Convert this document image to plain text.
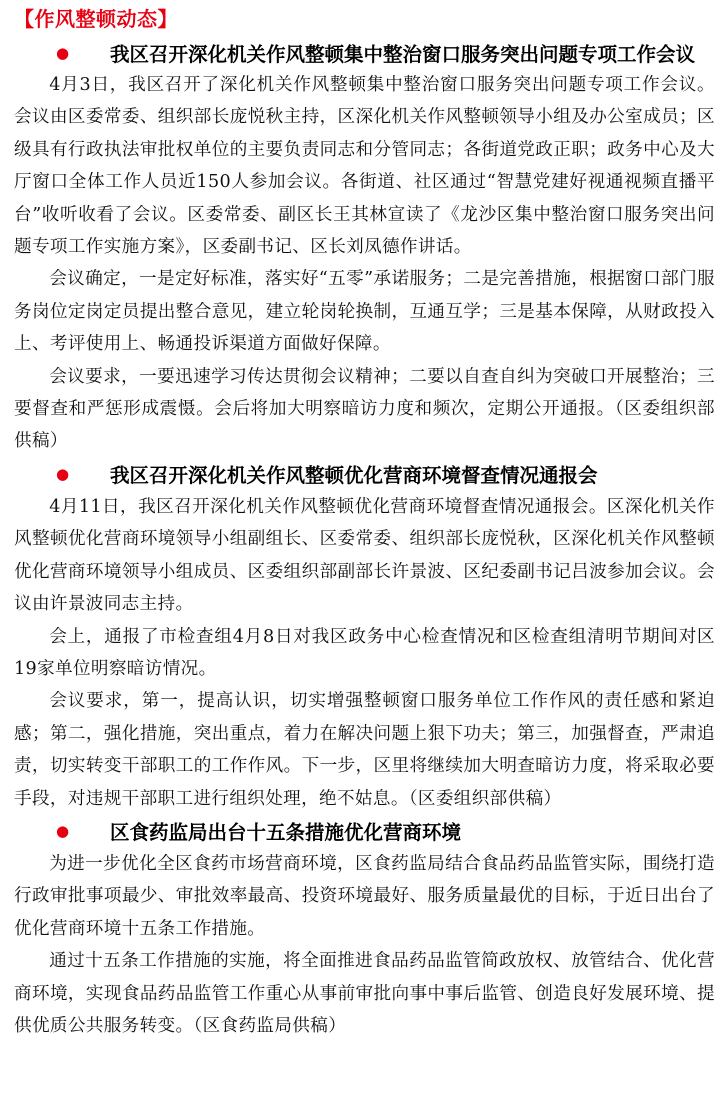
【作风整顿动态】
●	我区召开深化机关作风整顿集中整治窗口服务突出问题专项工作会议

4月3日，我区召开了深化机关作风整顿集中整治窗口服务突出问题专项工作会议。会议由区委常委、组织部长庞悦秋主持，区深化机关作风整顿领导小组及办公室成员；区级具有行政执法审批权单位的主要负责同志和分管同志；各街道党政正职；政务中心及大厅窗口全体工作人员近150人参加会议。各街道、社区通过“智慧党建好视通视频直播平台”收听收看了会议。区委常委、副区长王其林宣读了《龙沙区集中整治窗口服务突出问题专项工作实施方案》，区委副书记、区长刘凤德作讲话。

会议确定，一是定好标准，落实好“五零”承诺服务；二是完善措施，根据窗口部门服务岗位定岗定员提出整合意见，建立轮岗轮换制，互通互学；三是基本保障，从财政投入上、考评使用上、畅通投诉渠道方面做好保障。

会议要求，一要迅速学习传达贯彻会议精神；二要以自查自纠为突破口开展整治；三要督查和严惩形成震慑。会后将加大明察暗访力度和频次，定期公开通报。（区委组织部供稿）

●	我区召开深化机关作风整顿优化营商环境督查情况通报会

4月11日，我区召开深化机关作风整顿优化营商环境督查情况通报会。区深化机关作风整顿优化营商环境领导小组副组长、区委常委、组织部长庞悦秋，区深化机关作风整顿优化营商环境领导小组成员、区委组织部副部长许景波、区纪委副书记吕波参加会议。会议由许景波同志主持。

会上，通报了市检查组4月8日对我区政务中心检查情况和区检查组清明节期间对区19家单位明察暗访情况。

会议要求，第一，提高认识，切实增强整顿窗口服务单位工作作风的责任感和紧迫感；第二，强化措施，突出重点，着力在解决问题上狠下功夫；第三，加强督查，严肃追责，切实转变干部职工的工作作风。下一步，区里将继续加大明查暗访力度，将采取必要手段，对违规干部职工进行组织处理，绝不姑息。（区委组织部供稿）

●	区食药监局出台十五条措施优化营商环境

为进一步优化全区食药市场营商环境，区食药监局结合食品药品监管实际，围绕打造行政审批事项最少、审批效率最高、投资环境最好、服务质量最优的目标，于近日出台了优化营商环境十五条工作措施。

通过十五条工作措施的实施，将全面推进食品药品监管简政放权、放管结合、优化营商环境，实现食品药品监管工作重心从事前审批向事中事后监管、创造良好发展环境、提供优质公共服务转变。（区食药监局供稿）
